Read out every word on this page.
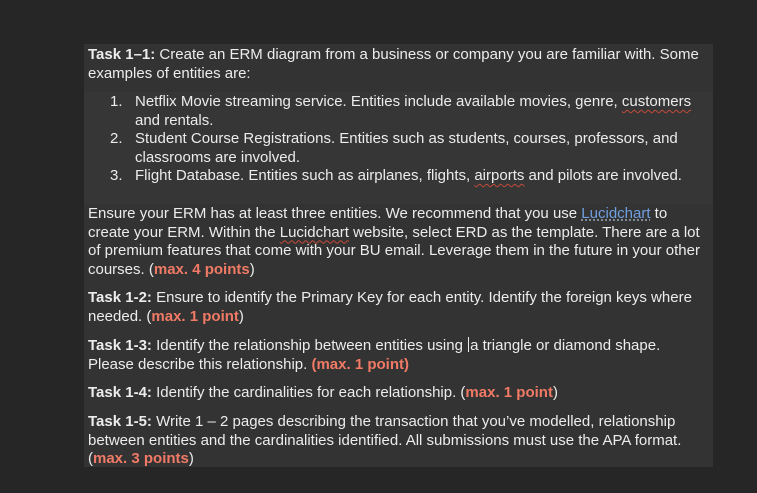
Task 1–1: Create an ERM diagram from a business or company you are familiar with. Some examples of entities are:
1. Netflix Movie streaming service. Entities include available movies, genre, customers and rentals.
2. Student Course Registrations. Entities such as students, courses, professors, and classrooms are involved.
3. Flight Database. Entities such as airplanes, flights, airports and pilots are involved.
Ensure your ERM has at least three entities. We recommend that you use Lucidchart to create your ERM. Within the Lucidchart website, select ERD as the template. There are a lot of premium features that come with your BU email. Leverage them in the future in your other courses. (max. 4 points)
Task 1-2: Ensure to identify the Primary Key for each entity. Identify the foreign keys where needed. (max. 1 point)
Task 1-3: Identify the relationship between entities using a triangle or diamond shape. Please describe this relationship. (max. 1 point)
Task 1-4: Identify the cardinalities for each relationship. (max. 1 point)
Task 1-5: Write 1 – 2 pages describing the transaction that you’ve modelled, relationship between entities and the cardinalities identified. All submissions must use the APA format. (max. 3 points)
